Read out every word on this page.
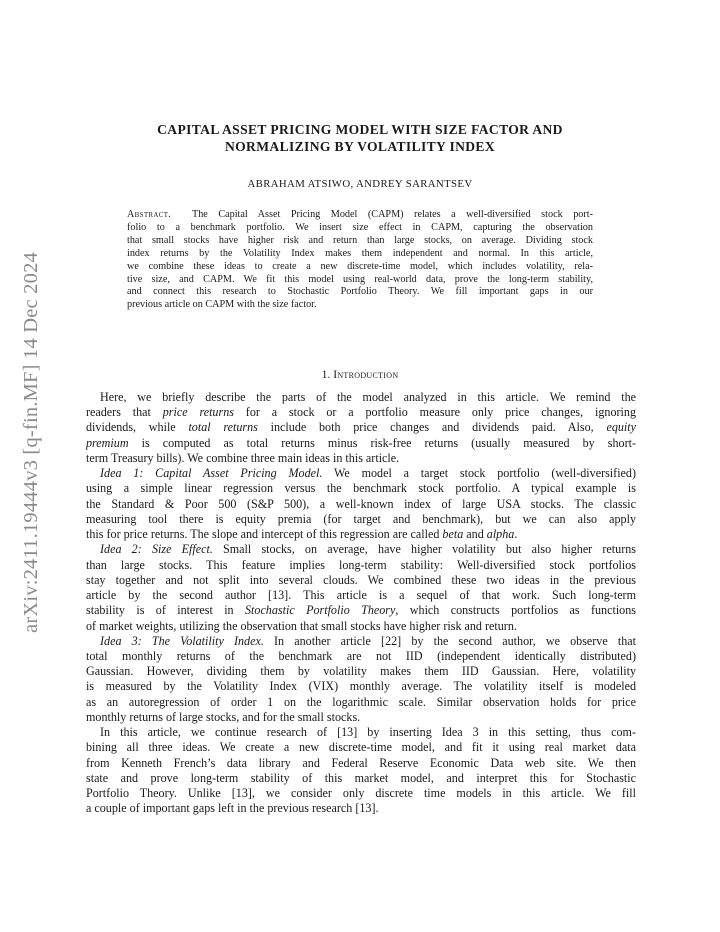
arXiv:2411.19444v3 [q-fin.MF] 14 Dec 2024
CAPITAL ASSET PRICING MODEL WITH SIZE FACTOR AND
NORMALIZING BY VOLATILITY INDEX
ABRAHAM ATSIWO, ANDREY SARANTSEV
Abstract. The Capital Asset Pricing Model (CAPM) relates a well-diversified stock port-
folio to a benchmark portfolio. We insert size effect in CAPM, capturing the observation
that small stocks have higher risk and return than large stocks, on average. Dividing stock
index returns by the Volatility Index makes them independent and normal. In this article,
we combine these ideas to create a new discrete-time model, which includes volatility, rela-
tive size, and CAPM. We fit this model using real-world data, prove the long-term stability,
and connect this research to Stochastic Portfolio Theory. We fill important gaps in our
previous article on CAPM with the size factor.
1. Introduction
Here, we briefly describe the parts of the model analyzed in this article. We remind the
readers that price returns for a stock or a portfolio measure only price changes, ignoring
dividends, while total returns include both price changes and dividends paid. Also, equity
premium is computed as total returns minus risk-free returns (usually measured by short-
term Treasury bills). We combine three main ideas in this article.
Idea 1: Capital Asset Pricing Model. We model a target stock portfolio (well-diversified)
using a simple linear regression versus the benchmark stock portfolio. A typical example is
the Standard & Poor 500 (S&P 500), a well-known index of large USA stocks. The classic
measuring tool there is equity premia (for target and benchmark), but we can also apply
this for price returns. The slope and intercept of this regression are called beta and alpha.
Idea 2: Size Effect. Small stocks, on average, have higher volatility but also higher returns
than large stocks. This feature implies long-term stability: Well-diversified stock portfolios
stay together and not split into several clouds. We combined these two ideas in the previous
article by the second author [13]. This article is a sequel of that work. Such long-term
stability is of interest in Stochastic Portfolio Theory, which constructs portfolios as functions
of market weights, utilizing the observation that small stocks have higher risk and return.
Idea 3: The Volatility Index. In another article [22] by the second author, we observe that
total monthly returns of the benchmark are not IID (independent identically distributed)
Gaussian. However, dividing them by volatility makes them IID Gaussian. Here, volatility
is measured by the Volatility Index (VIX) monthly average. The volatility itself is modeled
as an autoregression of order 1 on the logarithmic scale. Similar observation holds for price
monthly returns of large stocks, and for the small stocks.
In this article, we continue research of [13] by inserting Idea 3 in this setting, thus com-
bining all three ideas. We create a new discrete-time model, and fit it using real market data
from Kenneth French’s data library and Federal Reserve Economic Data web site. We then
state and prove long-term stability of this market model, and interpret this for Stochastic
Portfolio Theory. Unlike [13], we consider only discrete time models in this article. We fill
a couple of important gaps left in the previous research [13].
